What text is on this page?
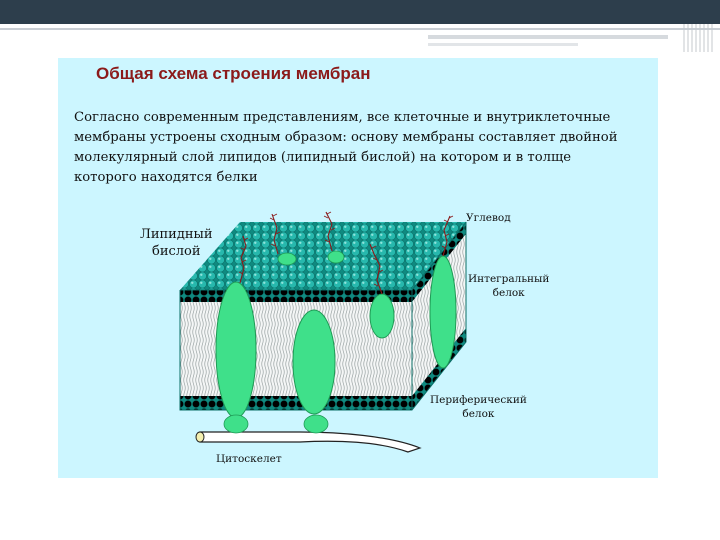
Общая схема строения мембран
Согласно современным представлениям, все клеточные и внутриклеточные мембраны устроены сходным образом: основу мембраны составляет двойной молекулярный слой липидов (липидный бислой) на котором и в толще которого находятся белки
Липидный
бислой
Углевод
Интегральный
белок
Периферический
белок
Цитоскелет
